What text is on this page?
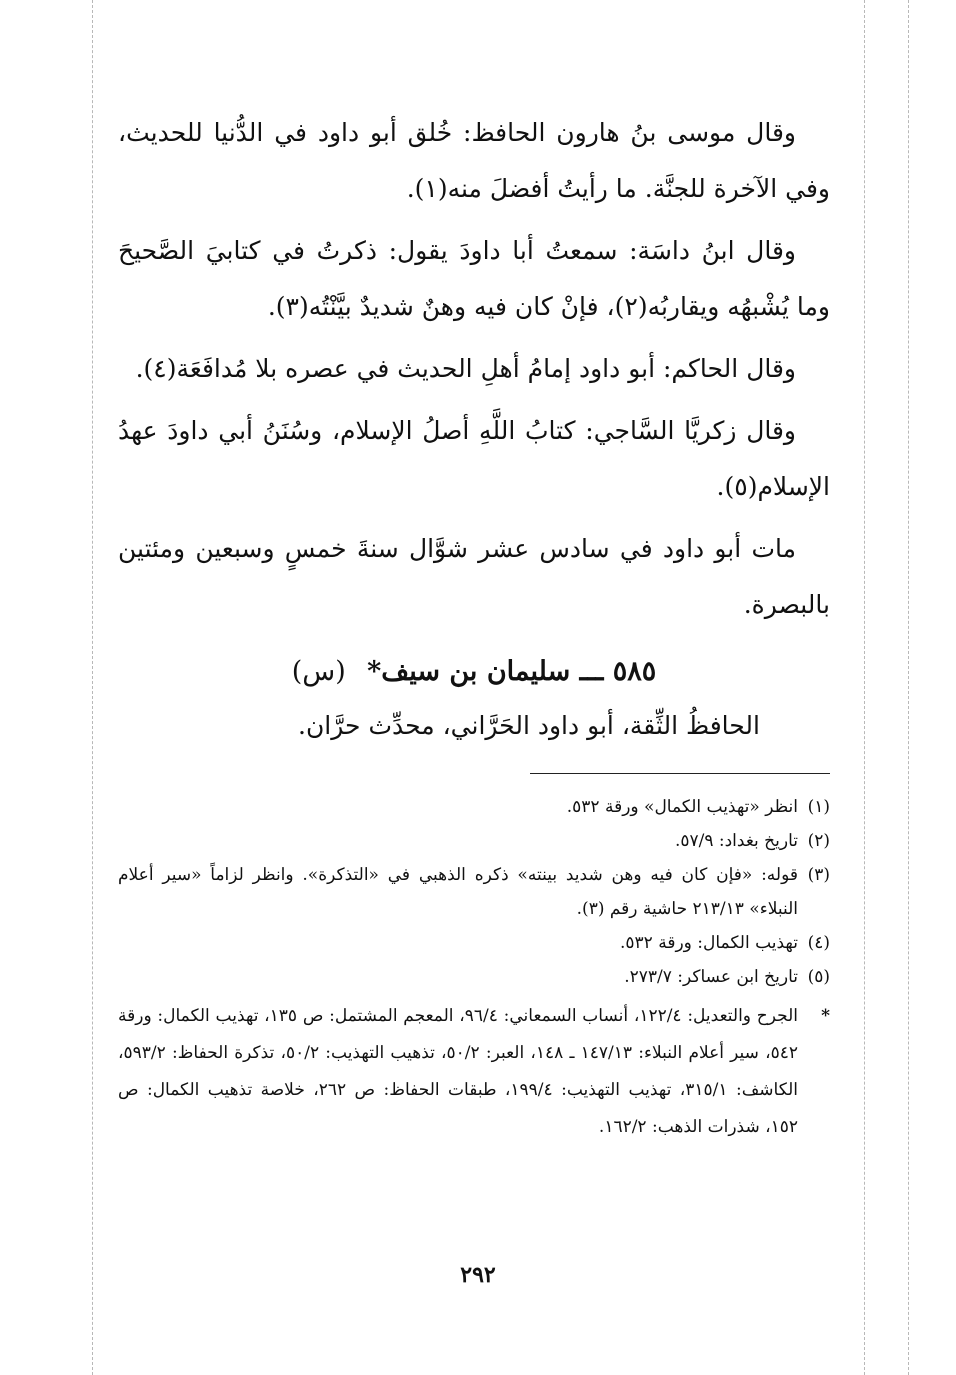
وقال موسى بنُ هارون الحافظ: خُلق أبو داود في الدُّنيا للحديث، وفي الآخرة للجنَّة. ما رأيتُ أفضلَ منه(١).

وقال ابنُ داسَة: سمعتُ أبا داودَ يقول: ذكرتُ في كتابيَ الصَّحيحَ وما يُشْبهُه ويقاربُه(٢)، فإنْ كان فيه وهنٌ شديدٌ بيَّنْتُه(٣).

وقال الحاكم: أبو داود إمامُ أهلِ الحديث في عصره بلا مُدافَعَة(٤).

وقال زكريَّا السَّاجي: كتابُ اللَّهِ أصلُ الإسلام، وسُنَنُ أبي داودَ عهدُ الإسلام(٥).

مات أبو داود في سادس عشر شوَّال سنةَ خمسٍ وسبعين ومئتين بالبصرة.

٥٨٥ ـــ سليمان بن سيف* (س)

الحافظُ الثِّقة، أبو داود الحَرَّاني، محدِّث حرَّان.

(١)
انظر «تهذيب الكمال» ورقة ٥٣٢.
(٢)
تاريخ بغداد: ٥٧/٩.
(٣)
قوله: «فإن كان فيه وهن شديد بينته» ذكره الذهبي في «التذكرة». وانظر لزاماً «سير أعلام النبلاء» ٢١٣/١٣ حاشية رقم (٣).
(٤)
تهذيب الكمال: ورقة ٥٣٢.
(٥)
تاريخ ابن عساكر: ٢٧٣/٧.
*
الجرح والتعديل: ١٢٢/٤، أنساب السمعاني: ٩٦/٤، المعجم المشتمل: ص ١٣٥، تهذيب الكمال: ورقة ٥٤٢، سير أعلام النبلاء: ١٤٧/١٣ ـ ١٤٨، العبر: ٥٠/٢، تذهيب التهذيب: ٥٠/٢، تذكرة الحفاظ: ٥٩٣/٢، الكاشف: ٣١٥/١، تهذيب التهذيب: ١٩٩/٤، طبقات الحفاظ: ص ٢٦٢، خلاصة تذهيب الكمال: ص ١٥٢، شذرات الذهب: ١٦٢/٢.
٢٩٢
